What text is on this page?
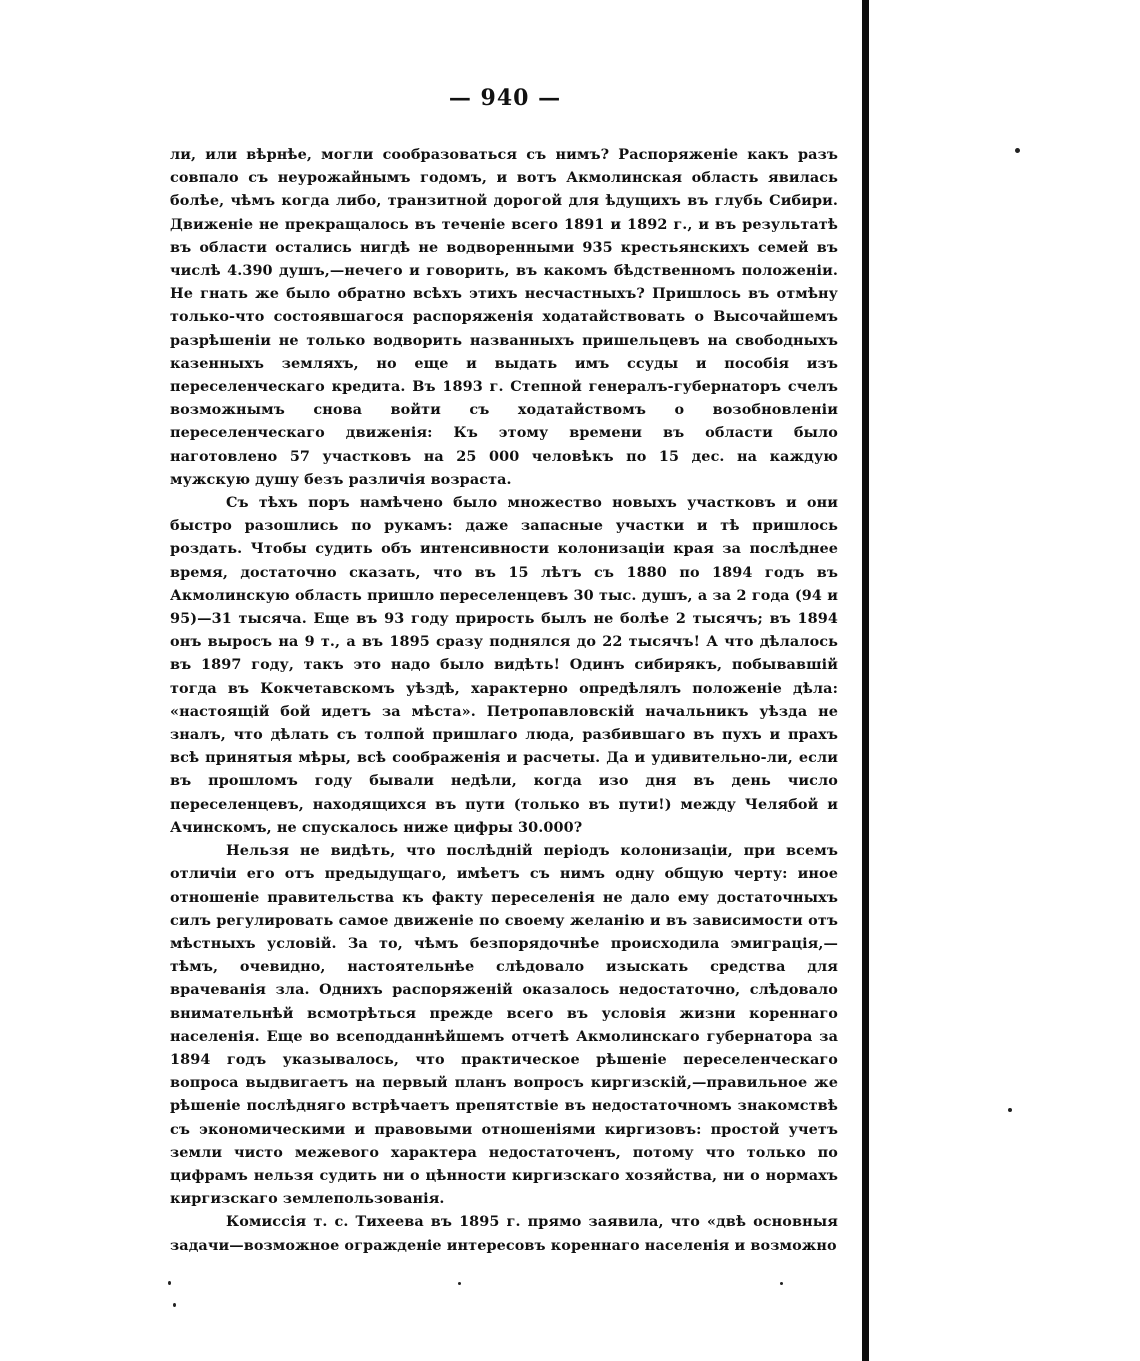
— 940 —

ли, или вѣрнѣе, могли сообразоваться съ нимъ? Распоряженіе какъ разъ совпало съ неурожайнымъ годомъ, и вотъ Акмолинская область явилась болѣе, чѣмъ когда либо, транзитной дорогой для ѣдущихъ въ глубь Сибири. Движеніе не прекращалось въ теченіе всего 1891 и 1892 г., и въ результатѣ въ области остались нигдѣ не водворенными 935 крестьянскихъ семей въ числѣ 4.390 душъ,—нечего и говорить, въ какомъ бѣдственномъ положеніи. Не гнать же было обратно всѣхъ этихъ несчастныхъ? Пришлось въ отмѣну только-что состоявшагося распоряженія ходатайствовать о Высочайшемъ разрѣшеніи не только водворить названныхъ пришельцевъ на свободныхъ казенныхъ земляхъ, но еще и выдать имъ ссуды и пособія изъ переселенческаго кредита. Въ 1893 г. Степной генералъ-губернаторъ счелъ возможнымъ снова войти съ ходатайствомъ о возобновленіи переселенческаго движенія: Къ этому времени въ области было наготовлено 57 участковъ на 25 000 человѣкъ по 15 дес. на каждую мужскую душу безъ различія возраста.

Съ тѣхъ поръ намѣчено было множество новыхъ участковъ и они быстро разошлись по рукамъ: даже запасные участки и тѣ пришлось роздать. Чтобы судить объ интенсивности колонизаціи края за послѣднее время, достаточно сказать, что въ 15 лѣтъ съ 1880 по 1894 годъ въ Акмолинскую область пришло переселенцевъ 30 тыс. душъ, а за 2 года (94 и 95)—31 тысяча. Еще въ 93 году прирость былъ не болѣе 2 тысячъ; въ 1894 онъ выросъ на 9 т., а въ 1895 сразу поднялся до 22 тысячъ! А что дѣлалось въ 1897 году, такъ это надо было видѣть! Одинъ сибирякъ, побывавшій тогда въ Кокчетавскомъ уѣздѣ, характерно опредѣлялъ положеніе дѣла: «настоящій бой идетъ за мѣста». Петропавловскій начальникъ уѣзда не зналъ, что дѣлать съ толпой пришлаго люда, разбившаго въ пухъ и прахъ всѣ принятыя мѣры, всѣ соображенія и расчеты. Да и удивительно-ли, если въ прошломъ году бывали недѣли, когда изо дня въ день число переселенцевъ, находящихся въ пути (только въ пути!) между Челябой и Ачинскомъ, не спускалось ниже цифры 30.000?

Нельзя не видѣть, что послѣдній періодъ колонизаціи, при всемъ отличіи его отъ предыдущаго, имѣетъ съ нимъ одну общую черту: иное отношеніе правительства къ факту переселенія не дало ему достаточныхъ силъ регулировать самое движеніе по своему желанію и въ зависимости отъ мѣстныхъ условій. За то, чѣмъ безпорядочнѣе происходила эмиграція,—тѣмъ, очевидно, настоятельнѣе слѣдовало изыскать средства для врачеванія зла. Однихъ распоряженій оказалось недостаточно, слѣдовало внимательнѣй всмотрѣться прежде всего въ условія жизни кореннаго населенія. Еще во всеподданнѣйшемъ отчетѣ Акмолинскаго губернатора за 1894 годъ указывалось, что практическое рѣшеніе переселенческаго вопроса выдвигаетъ на первый планъ вопросъ киргизскій,—правильное же рѣшеніе послѣдняго встрѣчаетъ препятствіе въ недостаточномъ знакомствѣ съ экономическими и правовыми отношеніями киргизовъ: простой учетъ земли чисто межевого характера недостаточенъ, потому что только по цифрамъ нельзя судить ни о цѣнности киргизскаго хозяйства, ни о нормахъ киргизскаго землепользованія.

Комиссія т. с. Тихеева въ 1895 г. прямо заявила, что «двѣ основныя задачи—возможное огражденіе интересовъ кореннаго населенія и возможно
